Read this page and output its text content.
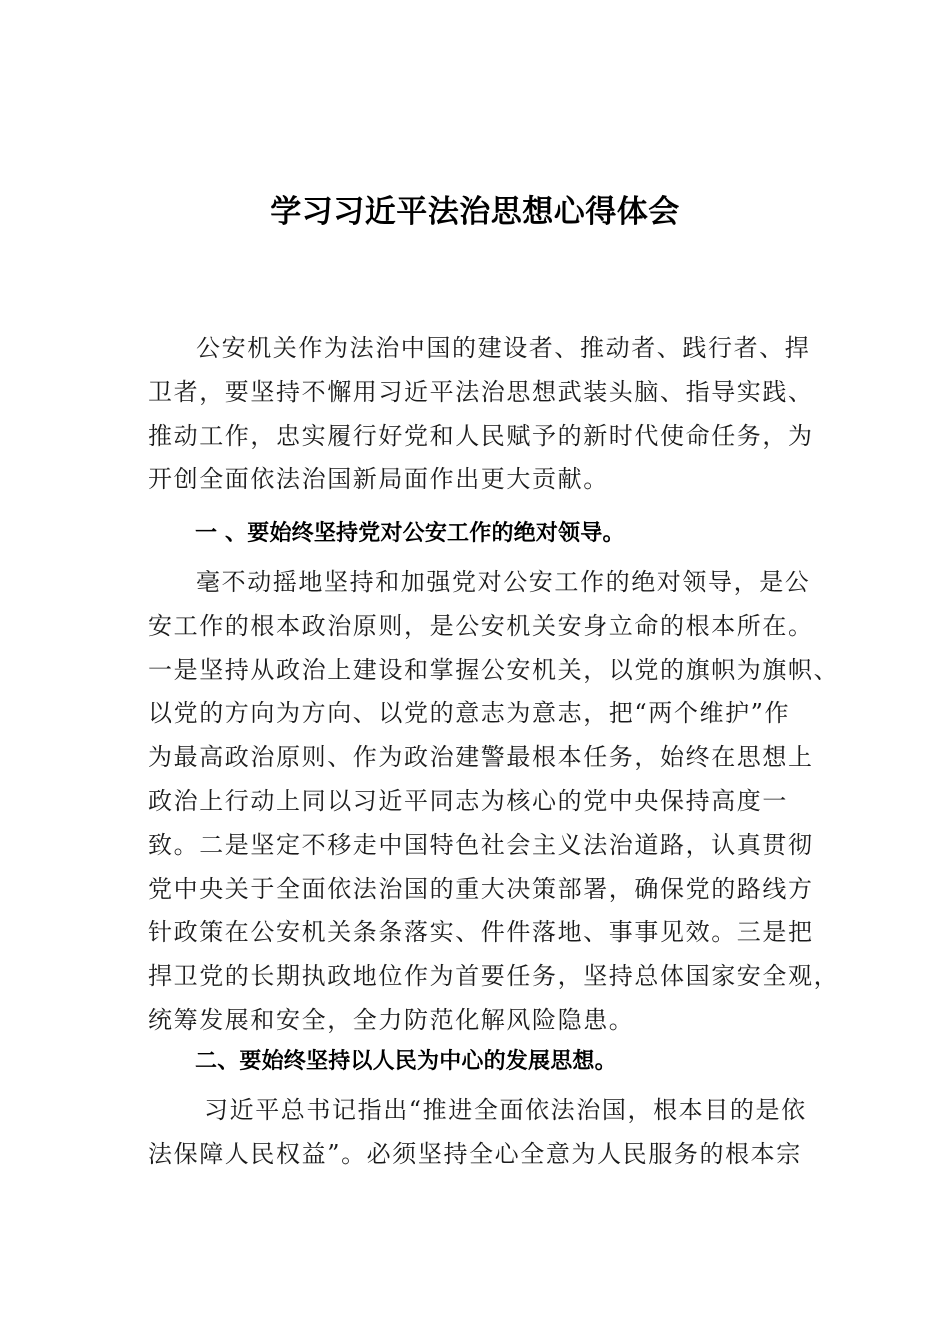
学习习近平法治思想心得体会
公安机关作为法治中国的建设者、推动者、践行者、捍
卫者，要坚持不懈用习近平法治思想武装头脑、指导实践、
推动工作，忠实履行好党和人民赋予的新时代使命任务，为
开创全面依法治国新局面作出更大贡献。
一 、要始终坚持党对公安工作的绝对领导。
毫不动摇地坚持和加强党对公安工作的绝对领导，是公
安工作的根本政治原则，是公安机关安身立命的根本所在。
一是坚持从政治上建设和掌握公安机关，以党的旗帜为旗帜、
以党的方向为方向、以党的意志为意志，把“两个维护”作
为最高政治原则、作为政治建警最根本任务，始终在思想上
政治上行动上同以习近平同志为核心的党中央保持高度一
致。二是坚定不移走中国特色社会主义法治道路，认真贯彻
党中央关于全面依法治国的重大决策部署，确保党的路线方
针政策在公安机关条条落实、件件落地、事事见效。三是把
捍卫党的长期执政地位作为首要任务，坚持总体国家安全观，
统筹发展和安全，全力防范化解风险隐患。
二、要始终坚持以人民为中心的发展思想。
习近平总书记指出“推进全面依法治国，根本目的是依
法保障人民权益”。必须坚持全心全意为人民服务的根本宗
